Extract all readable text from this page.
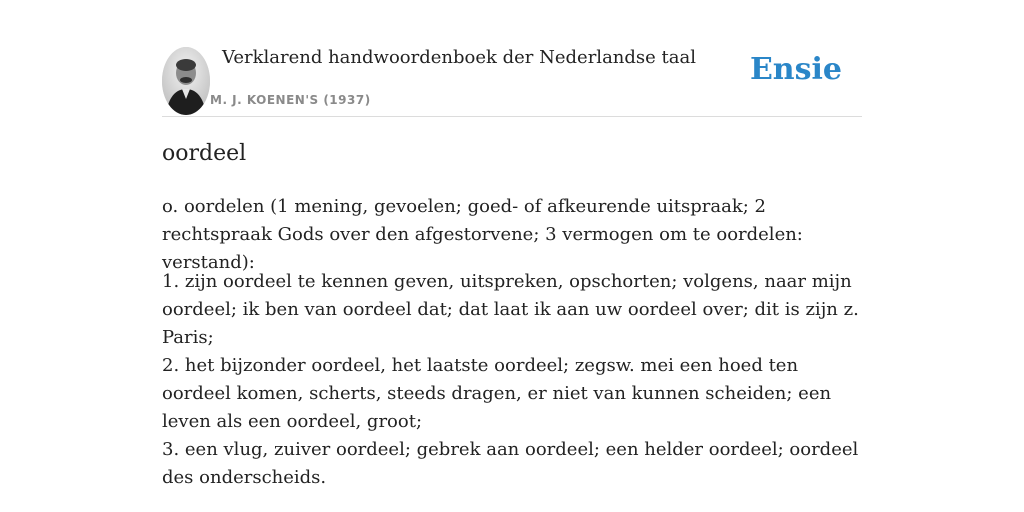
Verklarend handwoordenboek der Nederlandse taal
M. J. KOENEN'S (1937)
Ensie
oordeel

o. oordelen (1 mening, gevoelen; goed- of afkeurende uitspraak; 2 rechtspraak Gods over den afgestorvene; 3 vermogen om te oordelen: verstand):

1. zijn oordeel te kennen geven, uitspreken, opschorten; volgens, naar mijn oordeel; ik ben van oordeel dat; dat laat ik aan uw oordeel over; dit is zijn z. Paris;
2. het bijzonder oordeel, het laatste oordeel; zegsw. mei een hoed ten oordeel komen, scherts, steeds dragen, er niet van kunnen scheiden; een leven als een oordeel, groot;
3. een vlug, zuiver oordeel; gebrek aan oordeel; een helder oordeel; oordeel des onderscheids.
